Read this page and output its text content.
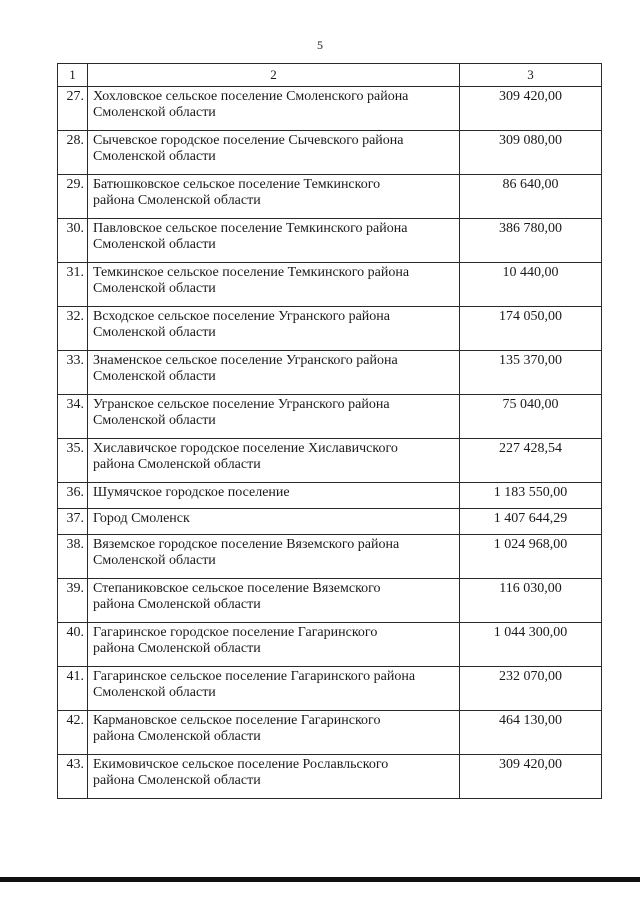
5
1	2	3
27.	Хохловское сельское поселение Смоленского района
Смоленской области	309 420,00
28.	Сычевское городское поселение Сычевского района
Смоленской области	309 080,00
29.	Батюшковское сельское поселение Темкинского
района Смоленской области	86 640,00
30.	Павловское сельское поселение Темкинского района
Смоленской области	386 780,00
31.	Темкинское сельское поселение Темкинского района
Смоленской области	10 440,00
32.	Всходское сельское поселение Угранского района
Смоленской области	174 050,00
33.	Знаменское сельское поселение Угранского района
Смоленской области	135 370,00
34.	Угранское сельское поселение Угранского района
Смоленской области	75 040,00
35.	Хиславичское городское поселение Хиславичского
района Смоленской области	227 428,54
36.	Шумячское городское поселение	1 183 550,00
37.	Город Смоленск	1 407 644,29
38.	Вяземское городское поселение Вяземского района
Смоленской области	1 024 968,00
39.	Степаниковское сельское поселение Вяземского
района Смоленской области	116 030,00
40.	Гагаринское городское поселение Гагаринского
района Смоленской области	1 044 300,00
41.	Гагаринское сельское поселение Гагаринского района
Смоленской области	232 070,00
42.	Кармановское сельское поселение Гагаринского
района Смоленской области	464 130,00
43.	Екимовичское сельское поселение Рославльского
района Смоленской области	309 420,00
